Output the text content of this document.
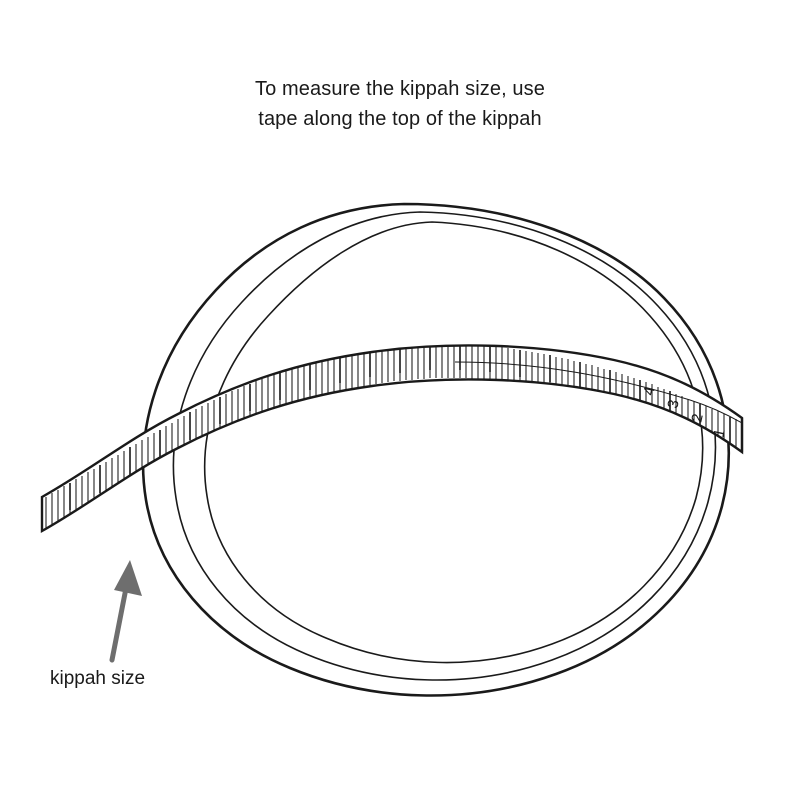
To measure the kippah size, use
tape along the top of the kippah
4
3
2
1
kippah size
